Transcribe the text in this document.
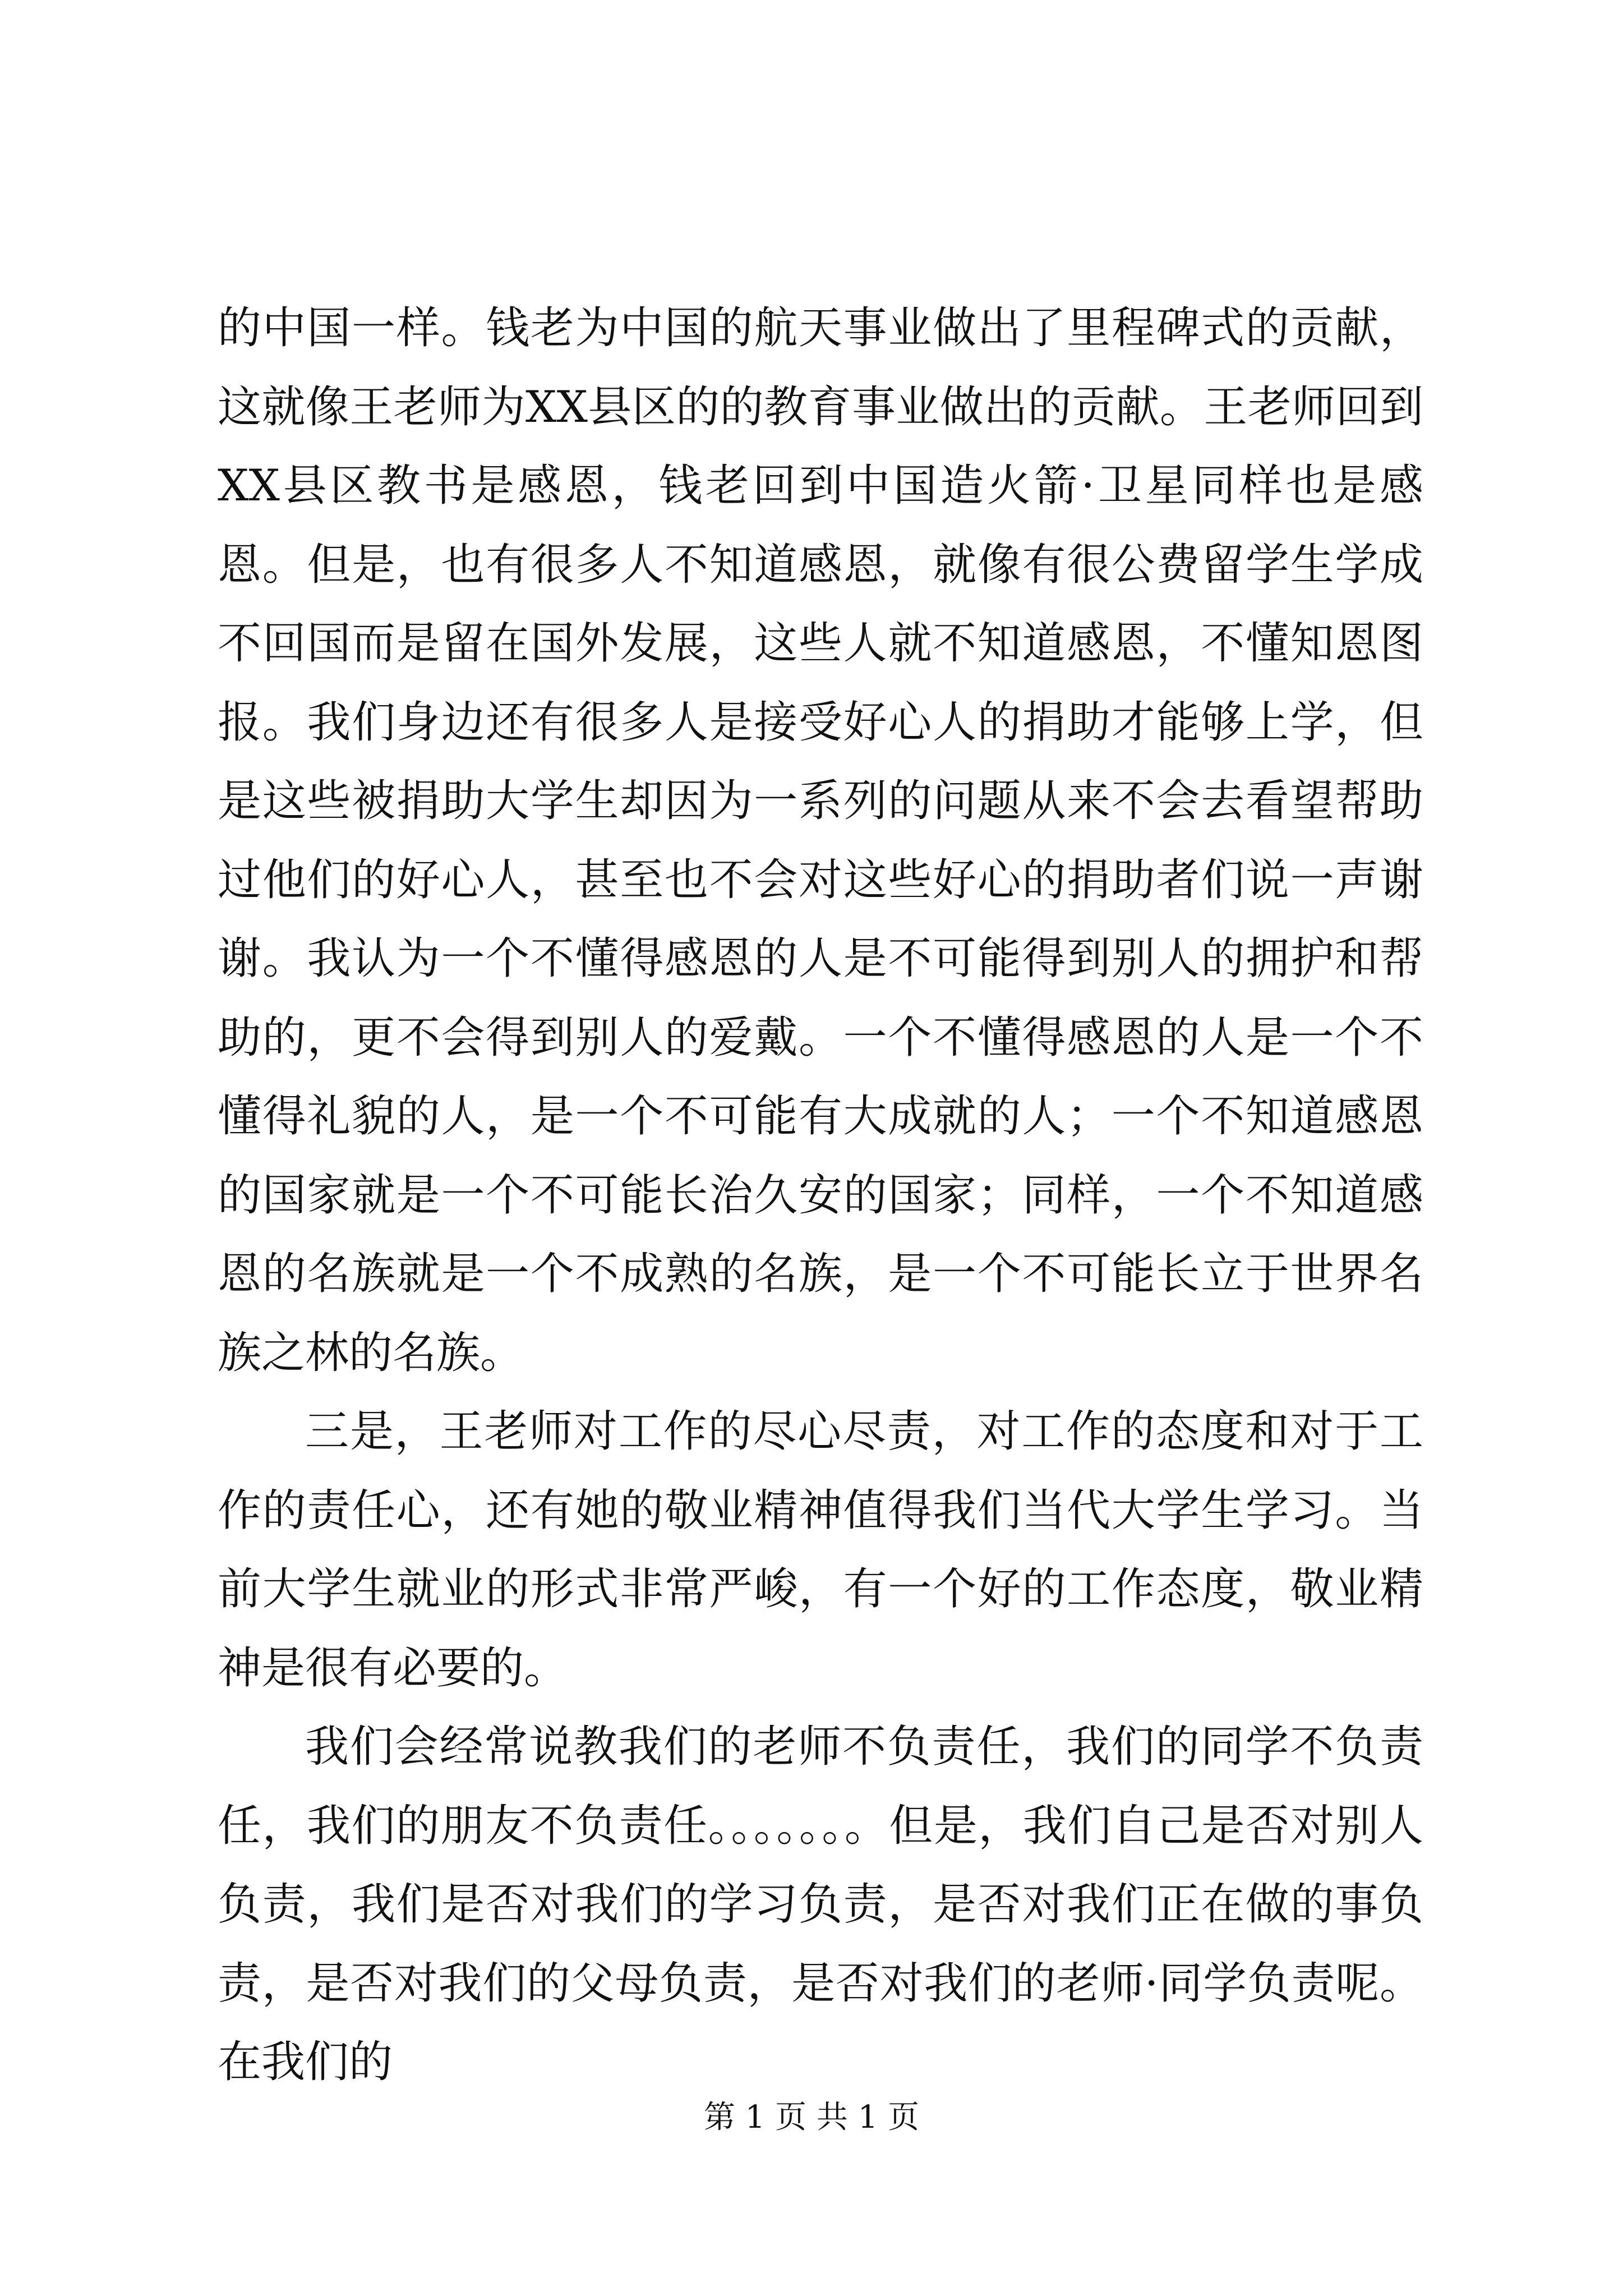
的中国一样。钱老为中国的航天事业做出了里程碑式的贡献，这就像王老师为XX县区的的教育事业做出的贡献。王老师回到XX县区教书是感恩，钱老回到中国造火箭·卫星同样也是感恩。但是，也有很多人不知道感恩，就像有很公费留学生学成不回国而是留在国外发展，这些人就不知道感恩，不懂知恩图报。我们身边还有很多人是接受好心人的捐助才能够上学，但是这些被捐助大学生却因为一系列的问题从来不会去看望帮助过他们的好心人，甚至也不会对这些好心的捐助者们说一声谢谢。我认为一个不懂得感恩的人是不可能得到别人的拥护和帮助的，更不会得到别人的爱戴。一个不懂得感恩的人是一个不懂得礼貌的人，是一个不可能有大成就的人；一个不知道感恩的国家就是一个不可能长治久安的国家；同样，一个不知道感恩的名族就是一个不成熟的名族，是一个不可能长立于世界名族之林的名族。

三是，王老师对工作的尽心尽责，对工作的态度和对于工作的责任心，还有她的敬业精神值得我们当代大学生学习。当前大学生就业的形式非常严峻，有一个好的工作态度，敬业精神是很有必要的。

我们会经常说教我们的老师不负责任，我们的同学不负责任，我们的朋友不负责任。。。。。。。但是，我们自己是否对别人负责，我们是否对我们的学习负责，是否对我们正在做的事负责，是否对我们的父母负责，是否对我们的老师·同学负责呢。在我们的

第 1 页 共 1 页
